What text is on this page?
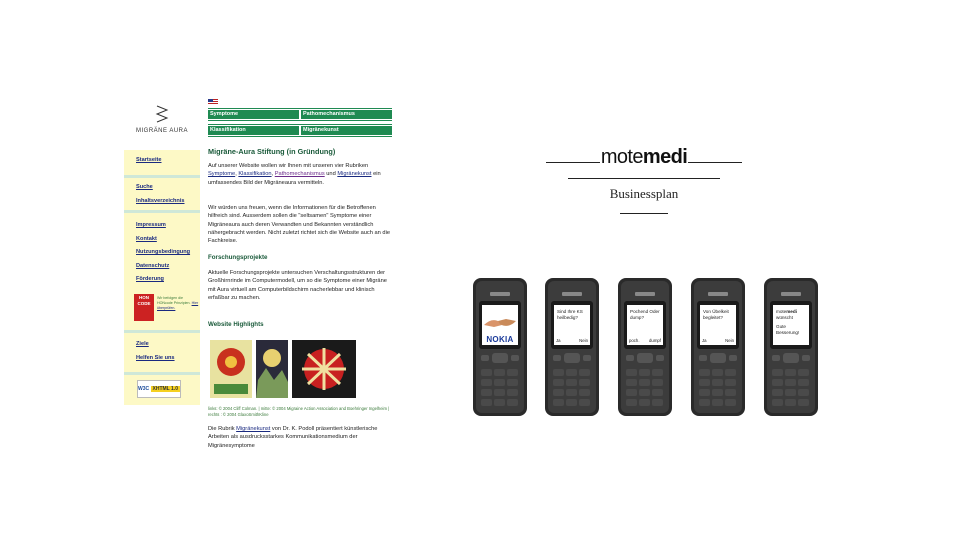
MIGRÄNE AURA
Startseite
Suche
Inhaltsverzeichnis
Impressum
Kontakt
Nutzungsbedingung
Datenschutz
Förderung
HON CODE
Wir befolgen die HONcode Prinzipien. Hier überprüfen.
Ziele
Helfen Sie uns
W3C XHTML 1.0
Symptome	Pathomechanismus
Klassifikation	Migränekunst
Migräne-Aura Stiftung (in Gründung)

Auf unserer Website wollen wir Ihnen mit unseren vier Rubriken Symptome, Klassifikation, Pathomechanismus und Migränekunst ein umfassendes Bild der Migräneaura vermitteln.

Wir würden uns freuen, wenn die Informationen für die Betroffenen hilfreich sind. Ausserdem sollen die "seltsamen" Symptome einer Migräneaura auch deren Verwandten und Bekannten verständlich nähergebracht werden. Nicht zuletzt richtet sich die Website auch an die Fachkreise.

Forschungsprojekte

Aktuelle Forschungsprojekte untersuchen Verschaltungsstrukturen der Großhirnrinde im Computermodell, um so die Symptome einer Migräne mit Aura virtuell am Computerbildschirm nacherlebbar und klinisch erfaßbar zu machen.

Website Highlights
links: © 2004 Cliff Colman. | mitte: © 2004 Migraine Action Association and Boehringer Ingelheim | rechts : © 2004 GlaxoSmithKline

Die Rubrik Migränekunst von Dr. K. Podoll präsentiert künstlerische Arbeiten als ausdrucksstarkes Kommunikationsmedium der Migränesymptome

motemedi
Businessplan
NOKIA
Sind Ihre KS heilbedig?
Ja	Nein
Pochend Oder dump?
poch. dumpf
Von Übelkeit begleitet?
Ja	Nein
motemedi
wünscht
Gute Besserung!
